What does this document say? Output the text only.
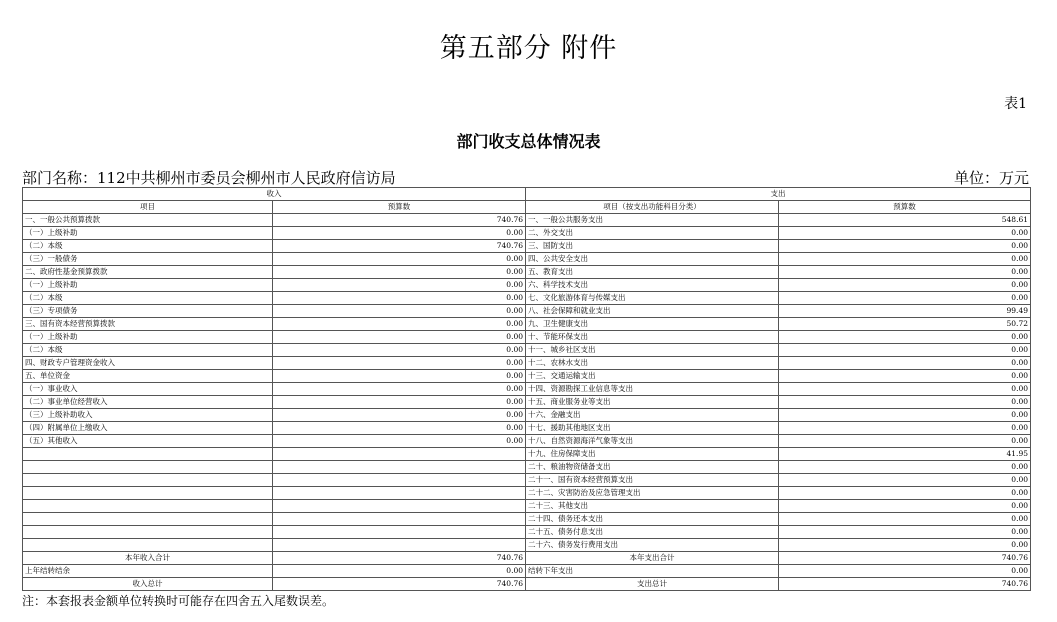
第五部分 附件
表1
部门收支总体情况表
部门名称：112中共柳州市委员会柳州市人民政府信访局	单位：万元
收入		支出	
项目	预算数	项目（按支出功能科目分类）	预算数
一、一般公共预算拨款	740.76	一、一般公共服务支出	548.61
（一）上级补助	0.00	二、外交支出	0.00
（二）本级	740.76	三、国防支出	0.00
（三）一般债务	0.00	四、公共安全支出	0.00
二、政府性基金预算拨款	0.00	五、教育支出	0.00
（一）上级补助	0.00	六、科学技术支出	0.00
（二）本级	0.00	七、文化旅游体育与传媒支出	0.00
（三）专项债务	0.00	八、社会保障和就业支出	99.49
三、国有资本经营预算拨款	0.00	九、卫生健康支出	50.72
（一）上级补助	0.00	十、节能环保支出	0.00
（二）本级	0.00	十一、城乡社区支出	0.00
四、财政专户管理资金收入	0.00	十二、农林水支出	0.00
五、单位资金	0.00	十三、交通运输支出	0.00
（一）事业收入	0.00	十四、资源勘探工业信息等支出	0.00
（二）事业单位经营收入	0.00	十五、商业服务业等支出	0.00
（三）上级补助收入	0.00	十六、金融支出	0.00
（四）附属单位上缴收入	0.00	十七、援助其他地区支出	0.00
（五）其他收入	0.00	十八、自然资源海洋气象等支出	0.00
		十九、住房保障支出	41.95
		二十、粮油物资储备支出	0.00
		二十一、国有资本经营预算支出	0.00
		二十二、灾害防治及应急管理支出	0.00
		二十三、其他支出	0.00
		二十四、债务还本支出	0.00
		二十五、债务付息支出	0.00
		二十六、债务发行费用支出	0.00
本年收入合计	740.76	本年支出合计	740.76
上年结转结余	0.00	结转下年支出	0.00
收入总计	740.76	支出总计	740.76
注：本套报表金额单位转换时可能存在四舍五入尾数误差。
